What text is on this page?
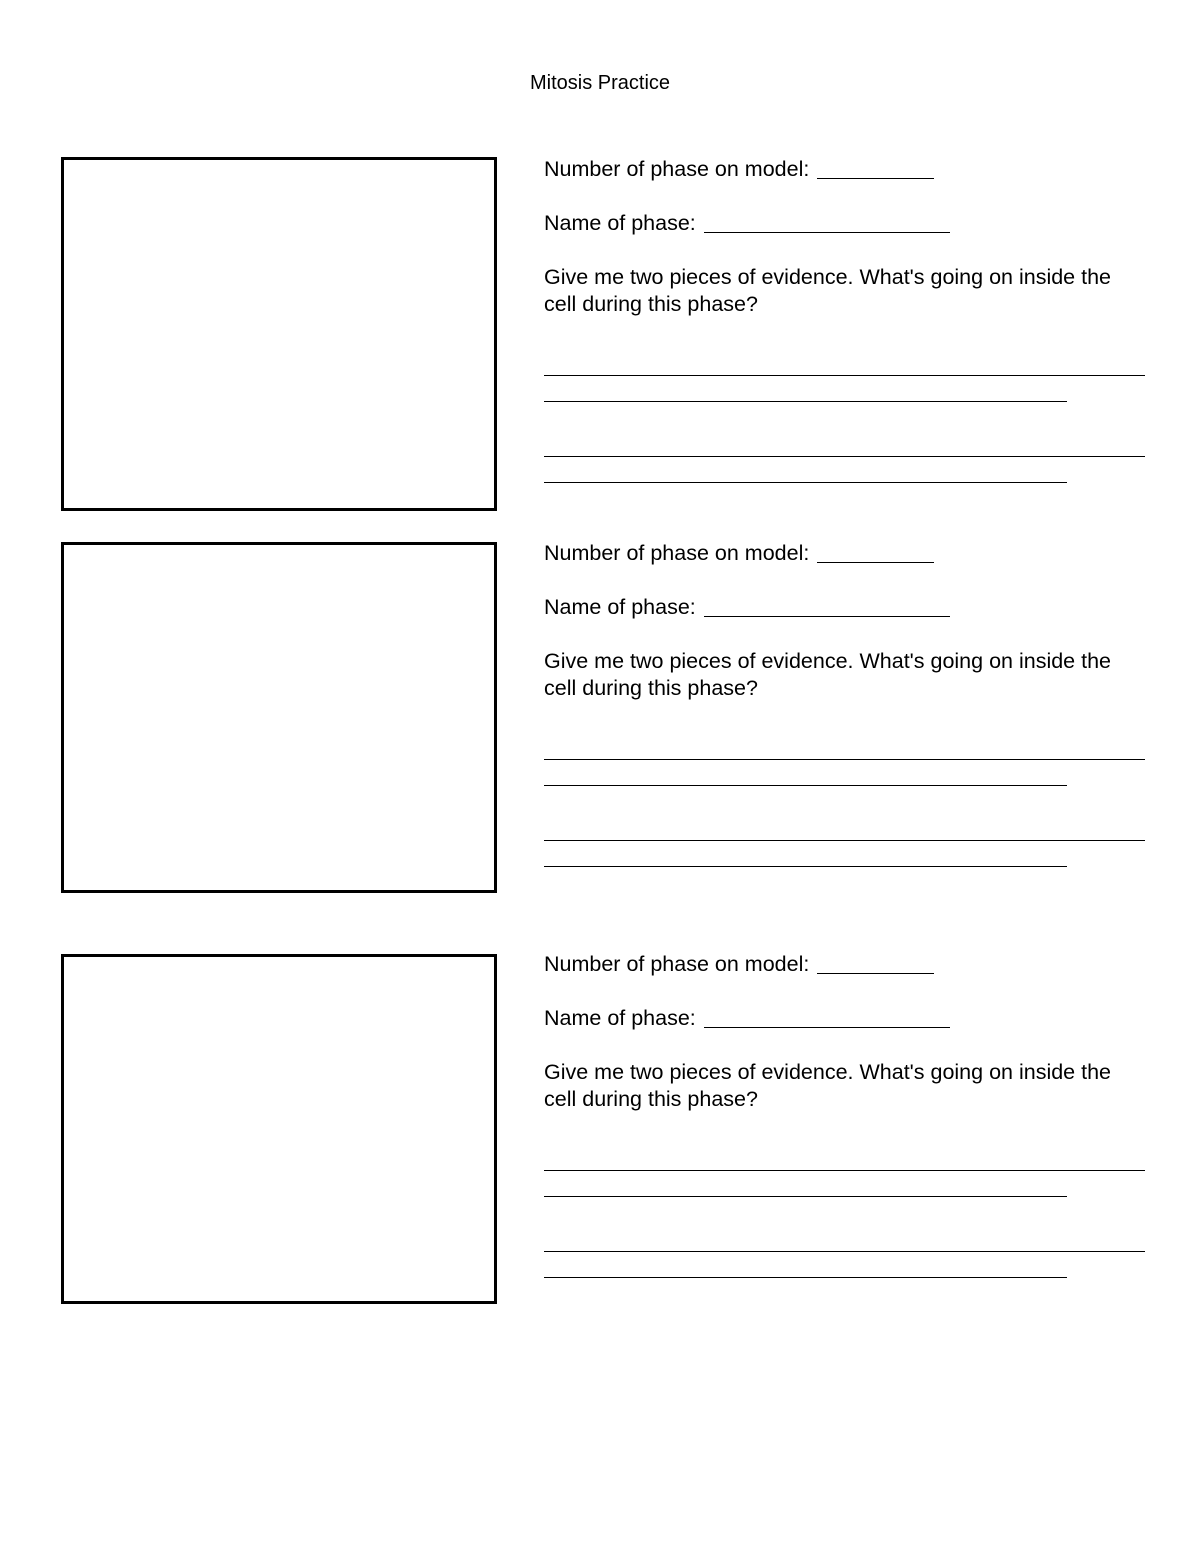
Mitosis Practice
Number of phase on model:
Name of phase:
Give me two pieces of evidence. What's going on inside the cell during this phase?
Number of phase on model:
Name of phase:
Give me two pieces of evidence. What's going on inside the cell during this phase?
Number of phase on model:
Name of phase:
Give me two pieces of evidence. What's going on inside the cell during this phase?
